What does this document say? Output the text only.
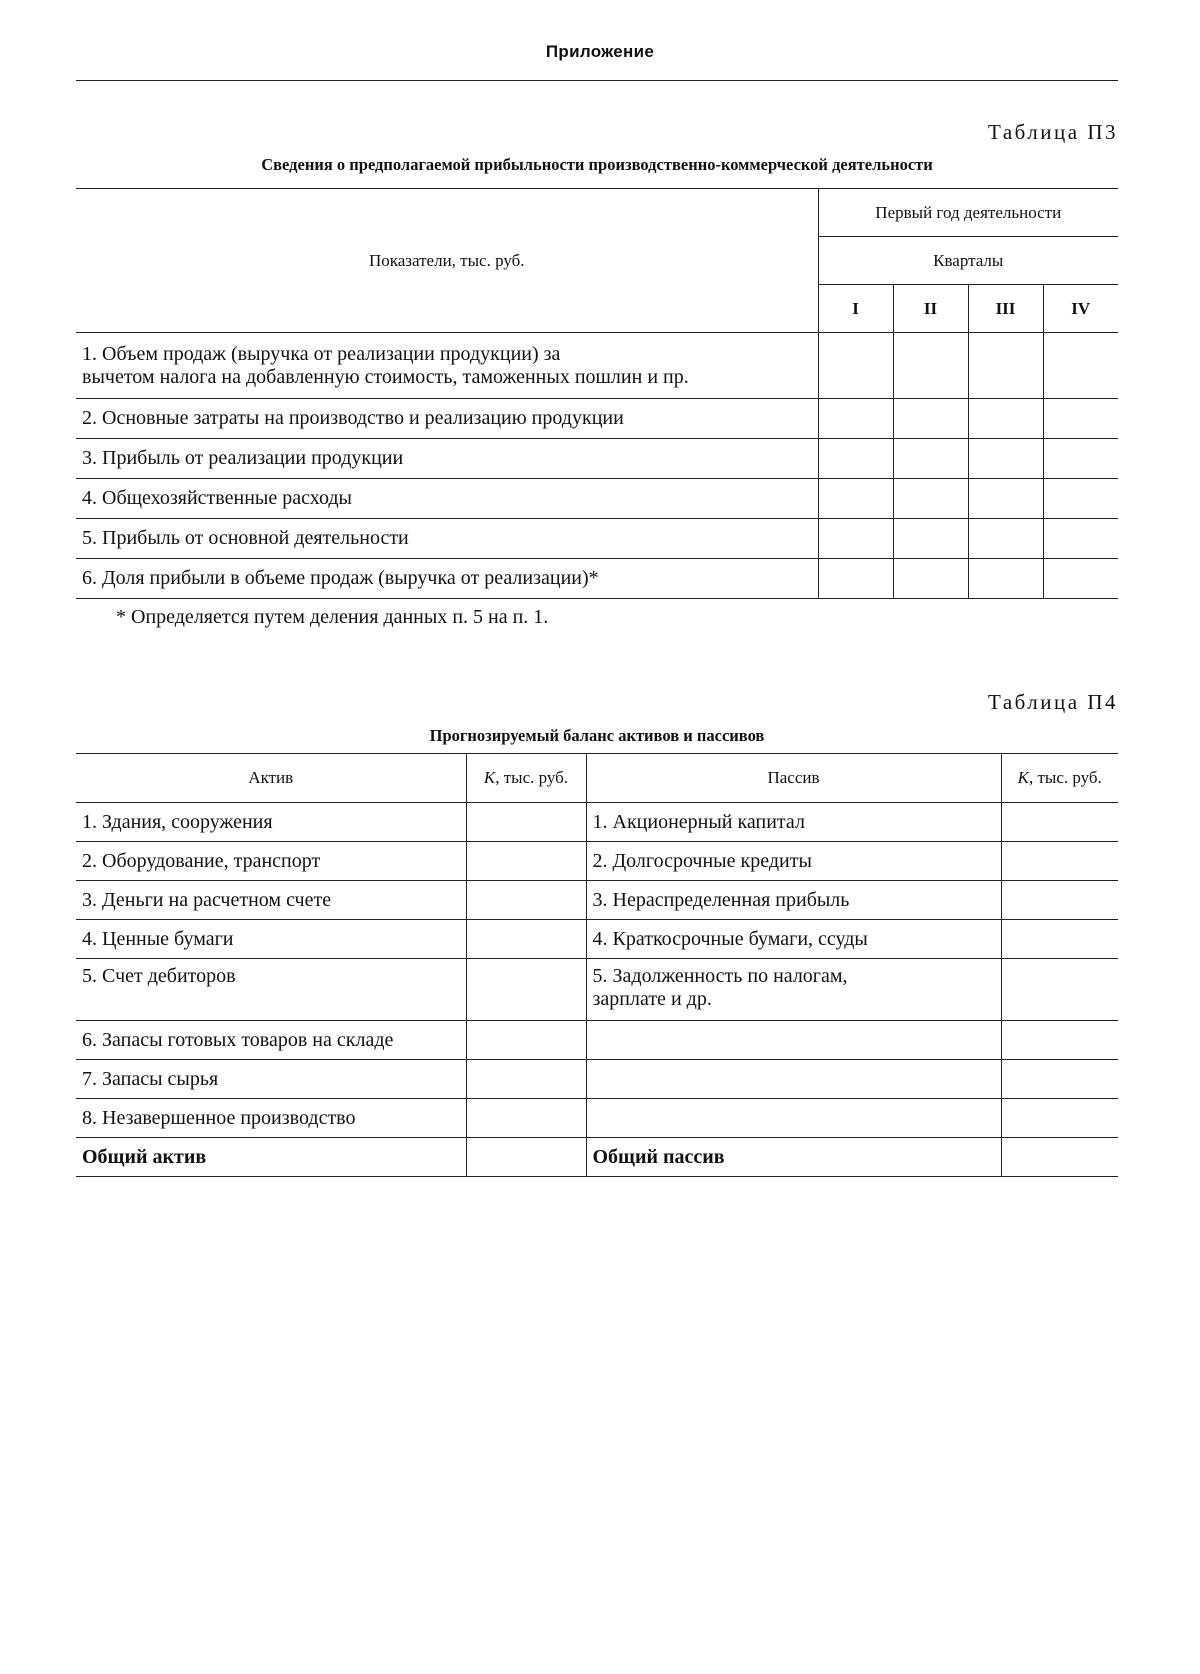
Приложение
Таблица П3
Сведения о предполагаемой прибыльности производственно-коммерческой деятельности
Показатели, тыс. руб.	Первый год деятельности			
	Кварталы			
	I	II	III	IV

1. Объем продаж (выручка от реализации продукции) за
вычетом налога на добавленную стоимость, таможенных пошлин и пр.				

2. Основные затраты на производство и реализацию продукции				
3. Прибыль от реализации продукции				
4. Общехозяйственные расходы				
5. Прибыль от основной деятельности				
6. Доля прибыли в объеме продаж (выручка от реализации)*				
* Определяется путем деления данных п. 5 на п. 1.
Таблица П4
Прогнозируемый баланс активов и пассивов
Актив	К, тыс. руб.	Пассив	К, тыс. руб.
1. Здания, сооружения		1. Акционерный капитал	
2. Оборудование, транспорт		2. Долгосрочные кредиты	
3. Деньги на расчетном счете		3. Нераспределенная прибыль	
4. Ценные бумаги		4. Краткосрочные бумаги, ссуды	
5. Счет дебиторов		5. Задолженность по налогам,
зарплате и др.	

6. Запасы готовых товаров на складе			
7. Запасы сырья			
8. Незавершенное производство			
Общий актив		Общий пассив	
